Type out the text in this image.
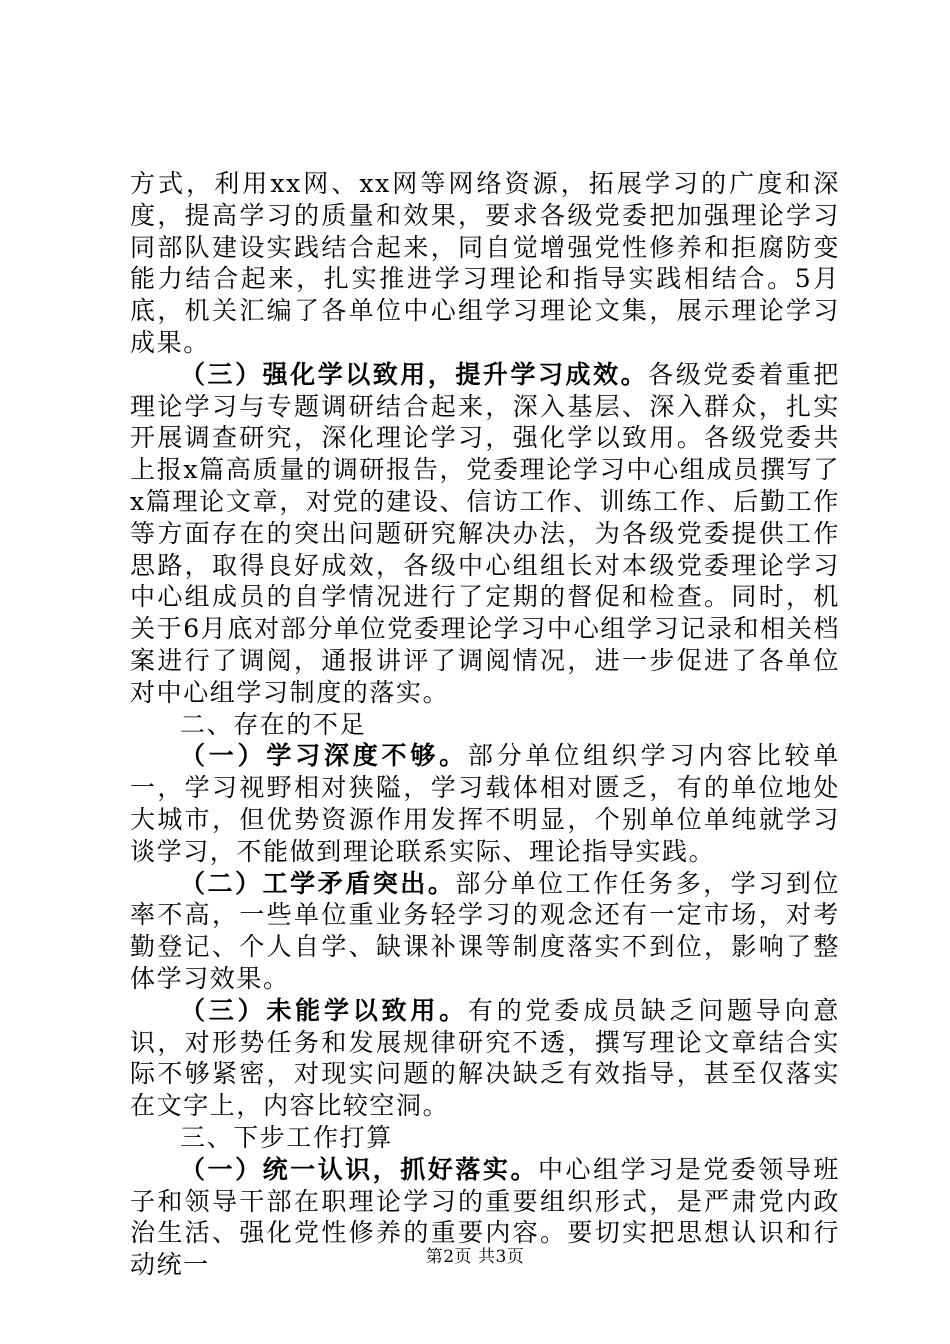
方式，利用xx网、xx网等网络资源，拓展学习的广度和深度，提高学习的质量和效果，要求各级党委把加强理论学习同部队建设实践结合起来，同自觉增强党性修养和拒腐防变能力结合起来，扎实推进学习理论和指导实践相结合。5月底，机关汇编了各单位中心组学习理论文集，展示理论学习成果。

（三）强化学以致用，提升学习成效。各级党委着重把理论学习与专题调研结合起来，深入基层、深入群众，扎实开展调查研究，深化理论学习，强化学以致用。各级党委共上报x篇高质量的调研报告，党委理论学习中心组成员撰写了x篇理论文章，对党的建设、信访工作、训练工作、后勤工作等方面存在的突出问题研究解决办法，为各级党委提供工作思路，取得良好成效，各级中心组组长对本级党委理论学习中心组成员的自学情况进行了定期的督促和检查。同时，机关于6月底对部分单位党委理论学习中心组学习记录和相关档案进行了调阅，通报讲评了调阅情况，进一步促进了各单位对中心组学习制度的落实。

二、存在的不足

（一）学习深度不够。部分单位组织学习内容比较单一，学习视野相对狭隘，学习载体相对匮乏，有的单位地处大城市，但优势资源作用发挥不明显，个别单位单纯就学习谈学习，不能做到理论联系实际、理论指导实践。

（二）工学矛盾突出。部分单位工作任务多，学习到位率不高，一些单位重业务轻学习的观念还有一定市场，对考勤登记、个人自学、缺课补课等制度落实不到位，影响了整体学习效果。

（三）未能学以致用。有的党委成员缺乏问题导向意识，对形势任务和发展规律研究不透，撰写理论文章结合实际不够紧密，对现实问题的解决缺乏有效指导，甚至仅落实在文字上，内容比较空洞。

三、下步工作打算

（一）统一认识，抓好落实。中心组学习是党委领导班子和领导干部在职理论学习的重要组织形式，是严肃党内政治生活、强化党性修养的重要内容。要切实把思想认识和行动统一	第2页 共3页
